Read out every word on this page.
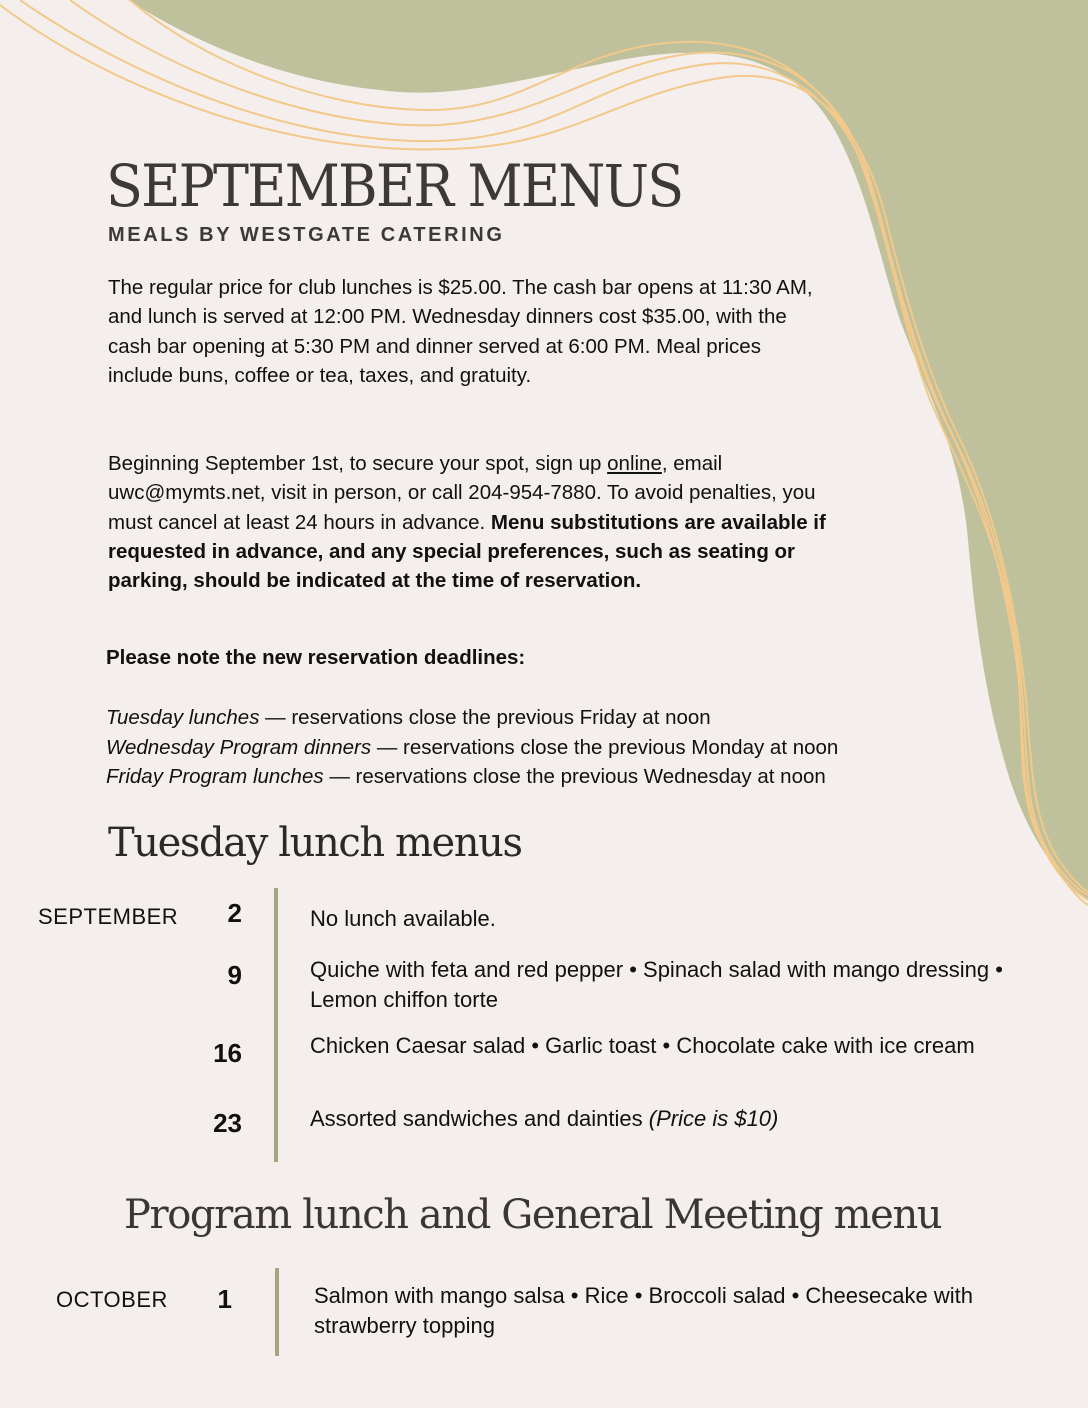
SEPTEMBER MENUS

MEALS BY WESTGATE CATERING

The regular price for club lunches is $25.00. The cash bar opens at 11:30 AM, and lunch is served at 12:00 PM. Wednesday dinners cost $35.00, with the cash bar opening at 5:30 PM and dinner served at 6:00 PM. Meal prices include buns, coffee or tea, taxes, and gratuity.

Beginning September 1st, to secure your spot, sign up online, email uwc@mymts.net, visit in person, or call 204-954-7880. To avoid penalties, you must cancel at least 24 hours in advance. Menu substitutions are available if requested in advance, and any special preferences, such as seating or parking, should be indicated at the time of reservation.

Please note the new reservation deadlines:

Tuesday lunches — reservations close the previous Friday at noon
Wednesday Program dinners — reservations close the previous Monday at noon
Friday Program lunches — reservations close the previous Wednesday at noon
Tuesday lunch menus
SEPTEMBER	2	No lunch available.
9	Quiche with feta and red pepper • Spinach salad with mango dressing • Lemon chiffon torte
16	Chicken Caesar salad • Garlic toast • Chocolate cake with ice cream
23	Assorted sandwiches and dainties (Price is $10)
Program lunch and General Meeting menu
OCTOBER	1	Salmon with mango salsa • Rice • Broccoli salad • Cheesecake with strawberry topping
